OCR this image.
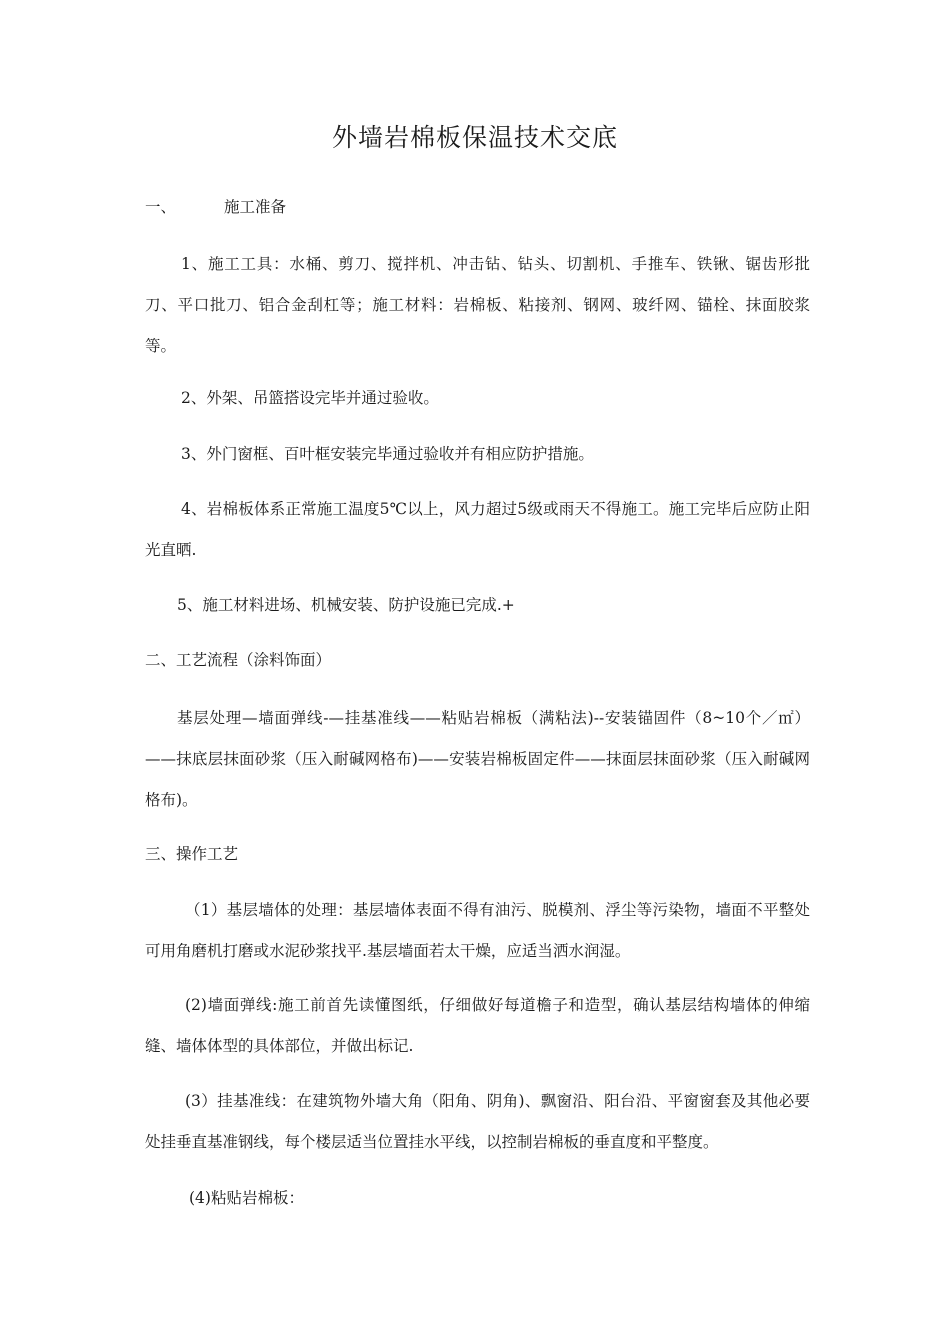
外墙岩棉板保温技术交底
一、	施工准备
1、施工工具：水桶、剪刀、搅拌机、冲击钻、钻头、切割机、手推车、铁锹、锯齿形批刀、平口批刀、铝合金刮杠等；施工材料：岩棉板、粘接剂、钢网、玻纤网、锚栓、抹面胶浆等。
2、外架、吊篮搭设完毕并通过验收。
3、外门窗框、百叶框安装完毕通过验收并有相应防护措施。
4、岩棉板体系正常施工温度5℃以上，风力超过5级或雨天不得施工。施工完毕后应防止阳光直晒.
5、施工材料进场、机械安装、防护设施已完成.+
二、工艺流程（涂料饰面）
基层处理—墙面弹线-—挂基准线——粘贴岩棉板（满粘法)--安装锚固件（8~10个／㎡）——抹底层抹面砂浆（压入耐碱网格布)——安装岩棉板固定件——抹面层抹面砂浆（压入耐碱网格布)。
三、操作工艺
（1）基层墙体的处理：基层墙体表面不得有油污、脱模剂、浮尘等污染物，墙面不平整处可用角磨机打磨或水泥砂浆找平.基层墙面若太干燥，应适当洒水润湿。
(2)墙面弹线:施工前首先读懂图纸，仔细做好每道檐子和造型，确认基层结构墙体的伸缩缝、墙体体型的具体部位，并做出标记.
(3）挂基准线：在建筑物外墙大角（阳角、阴角)、飘窗沿、阳台沿、平窗窗套及其他必要处挂垂直基准钢线，每个楼层适当位置挂水平线，以控制岩棉板的垂直度和平整度。
(4)粘贴岩棉板：
